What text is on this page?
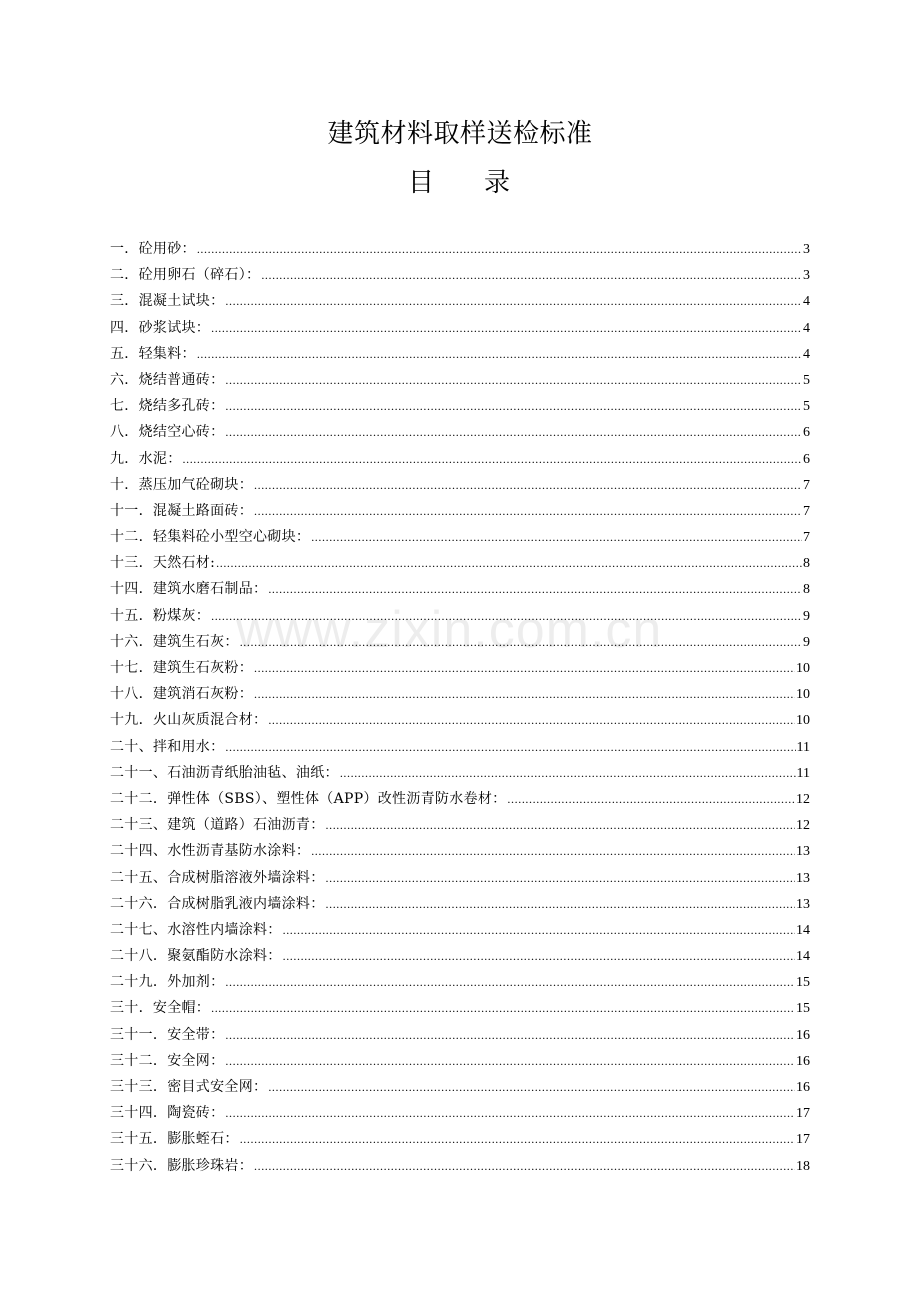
建筑材料取样送检标准
目 录
一．砼用砂： .....	3
二．砼用卵石（碎石）： .....	3
三．混凝土试块： .....	4
四．砂浆试块： .....	4
五．轻集料： .....	4
六．烧结普通砖： .....	5
七．烧结多孔砖： .....	5
八．烧结空心砖： .....	6
九．水泥： .....	6
十．蒸压加气砼砌块： .....	7
十一．混凝土路面砖： .....	7
十二．轻集料砼小型空心砌块： .....	7
十三．天然石材: .....	8
十四．建筑水磨石制品： .....	8
十五．粉煤灰： .....	9
十六．建筑生石灰： .....	9
十七．建筑生石灰粉： .....	10
十八．建筑消石灰粉： .....	10
十九．火山灰质混合材： .....	10
二十、拌和用水： .....	11
二十一、石油沥青纸胎油毡、油纸： .....	11
二十二．弹性体（SBS）、塑性体（APP）改性沥青防水卷材： .....	12
二十三、建筑（道路）石油沥青： .....	12
二十四、水性沥青基防水涂料： .....	13
二十五、合成树脂溶液外墙涂料： .....	13
二十六．合成树脂乳液内墙涂料： .....	13
二十七、水溶性内墙涂料： .....	14
二十八．聚氨酯防水涂料： .....	14
二十九．外加剂： .....	15
三十．安全帽： .....	15
三十一．安全带： .....	16
三十二．安全网： .....	16
三十三．密目式安全网： .....	16
三十四．陶瓷砖： .....	17
三十五．膨胀蛭石： .....	17
三十六．膨胀珍珠岩： .....	18
www.zixin.com.cn
